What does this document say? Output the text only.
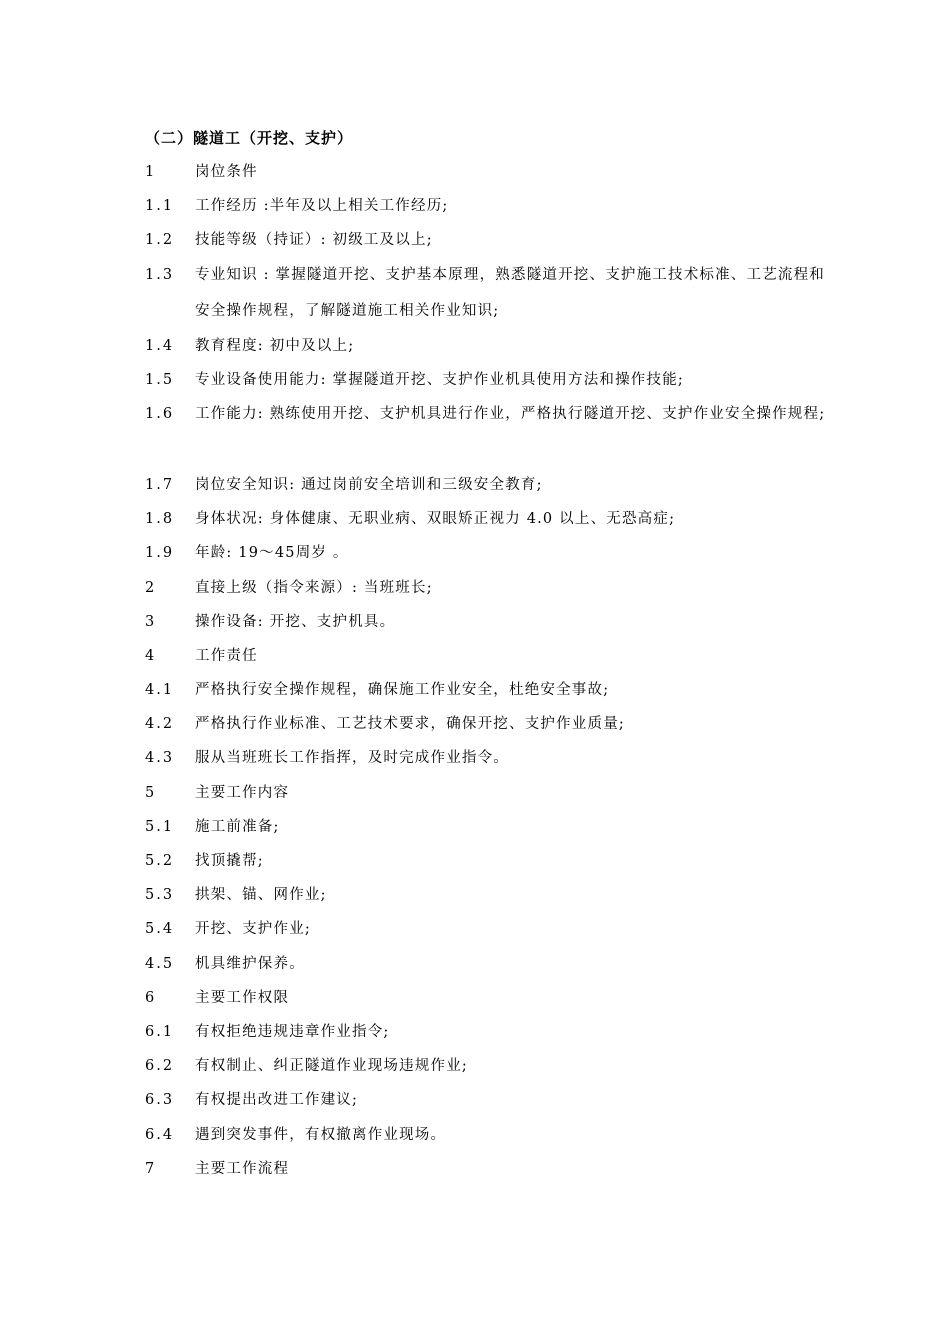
（二）隧道工（开挖、支护）
1	岗位条件
1.1	工作经历 :半年及以上相关工作经历;
1.2	技能等级（持证）: 初级工及以上;
1.3	专业知识 : 掌握隧道开挖、支护基本原理，熟悉隧道开挖、支护施工技术标准、工艺流程和安全操作规程，了解隧道施工相关作业知识;
1.4	教育程度: 初中及以上;
1.5	专业设备使用能力: 掌握隧道开挖、支护作业机具使用方法和操作技能;
1.6	工作能力: 熟练使用开挖、支护机具进行作业，严格执行隧道开挖、支护作业安全操作规程;
1.7	岗位安全知识: 通过岗前安全培训和三级安全教育;
1.8	身体状况: 身体健康、无职业病、双眼矫正视力 4.0 以上、无恐高症;
1.9	年龄: 19～45周岁 。
2	直接上级（指令来源）: 当班班长;
3	操作设备: 开挖、支护机具。
4	工作责任
4.1	严格执行安全操作规程，确保施工作业安全，杜绝安全事故;
4.2	严格执行作业标准、工艺技术要求，确保开挖、支护作业质量;
4.3	服从当班班长工作指挥，及时完成作业指令。
5	主要工作内容
5.1	施工前准备;
5.2	找顶撬帮;
5.3	拱架、锚、网作业;
5.4	开挖、支护作业;
4.5	机具维护保养。
6	主要工作权限
6.1	有权拒绝违规违章作业指令;
6.2	有权制止、纠正隧道作业现场违规作业;
6.3	有权提出改进工作建议;
6.4	遇到突发事件，有权撤离作业现场。
7	主要工作流程
